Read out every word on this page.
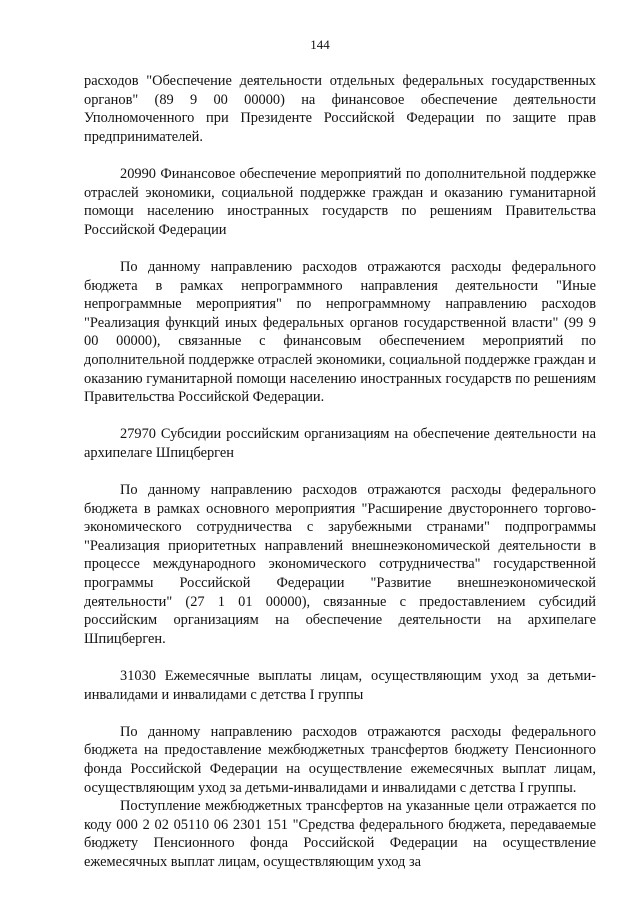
144

расходов "Обеспечение деятельности отдельных федеральных государственных органов" (89 9 00 00000) на финансовое обеспечение деятельности Уполномоченного при Президенте Российской Федерации по защите прав предпринимателей.

20990 Финансовое обеспечение мероприятий по дополнительной поддержке отраслей экономики, социальной поддержке граждан и оказанию гуманитарной помощи населению иностранных государств по решениям Правительства Российской Федерации

По данному направлению расходов отражаются расходы федерального бюджета в рамках непрограммного направления деятельности "Иные непрограммные мероприятия" по непрограммному направлению расходов "Реализация функций иных федеральных органов государственной власти" (99 9 00 00000), связанные с финансовым обеспечением мероприятий по дополнительной поддержке отраслей экономики, социальной поддержке граждан и оказанию гуманитарной помощи населению иностранных государств по решениям Правительства Российской Федерации.

27970 Субсидии российским организациям на обеспечение деятельности на архипелаге Шпицберген

По данному направлению расходов отражаются расходы федерального бюджета в рамках основного мероприятия "Расширение двустороннего торгово-экономического сотрудничества с зарубежными странами" подпрограммы "Реализация приоритетных направлений внешнеэкономической деятельности в процессе международного экономического сотрудничества" государственной программы Российской Федерации "Развитие внешнеэкономической деятельности" (27 1 01 00000), связанные с предоставлением субсидий российским организациям на обеспечение деятельности на архипелаге Шпицберген.

31030 Ежемесячные выплаты лицам, осуществляющим уход за детьми-инвалидами и инвалидами с детства I группы

По данному направлению расходов отражаются расходы федерального бюджета на предоставление межбюджетных трансфертов бюджету Пенсионного фонда Российской Федерации на осуществление ежемесячных выплат лицам, осуществляющим уход за детьми-инвалидами и инвалидами с детства I группы.

Поступление межбюджетных трансфертов на указанные цели отражается по коду 000 2 02 05110 06 2301 151 "Средства федерального бюджета, передаваемые бюджету Пенсионного фонда Российской Федерации на осуществление ежемесячных выплат лицам, осуществляющим уход за
